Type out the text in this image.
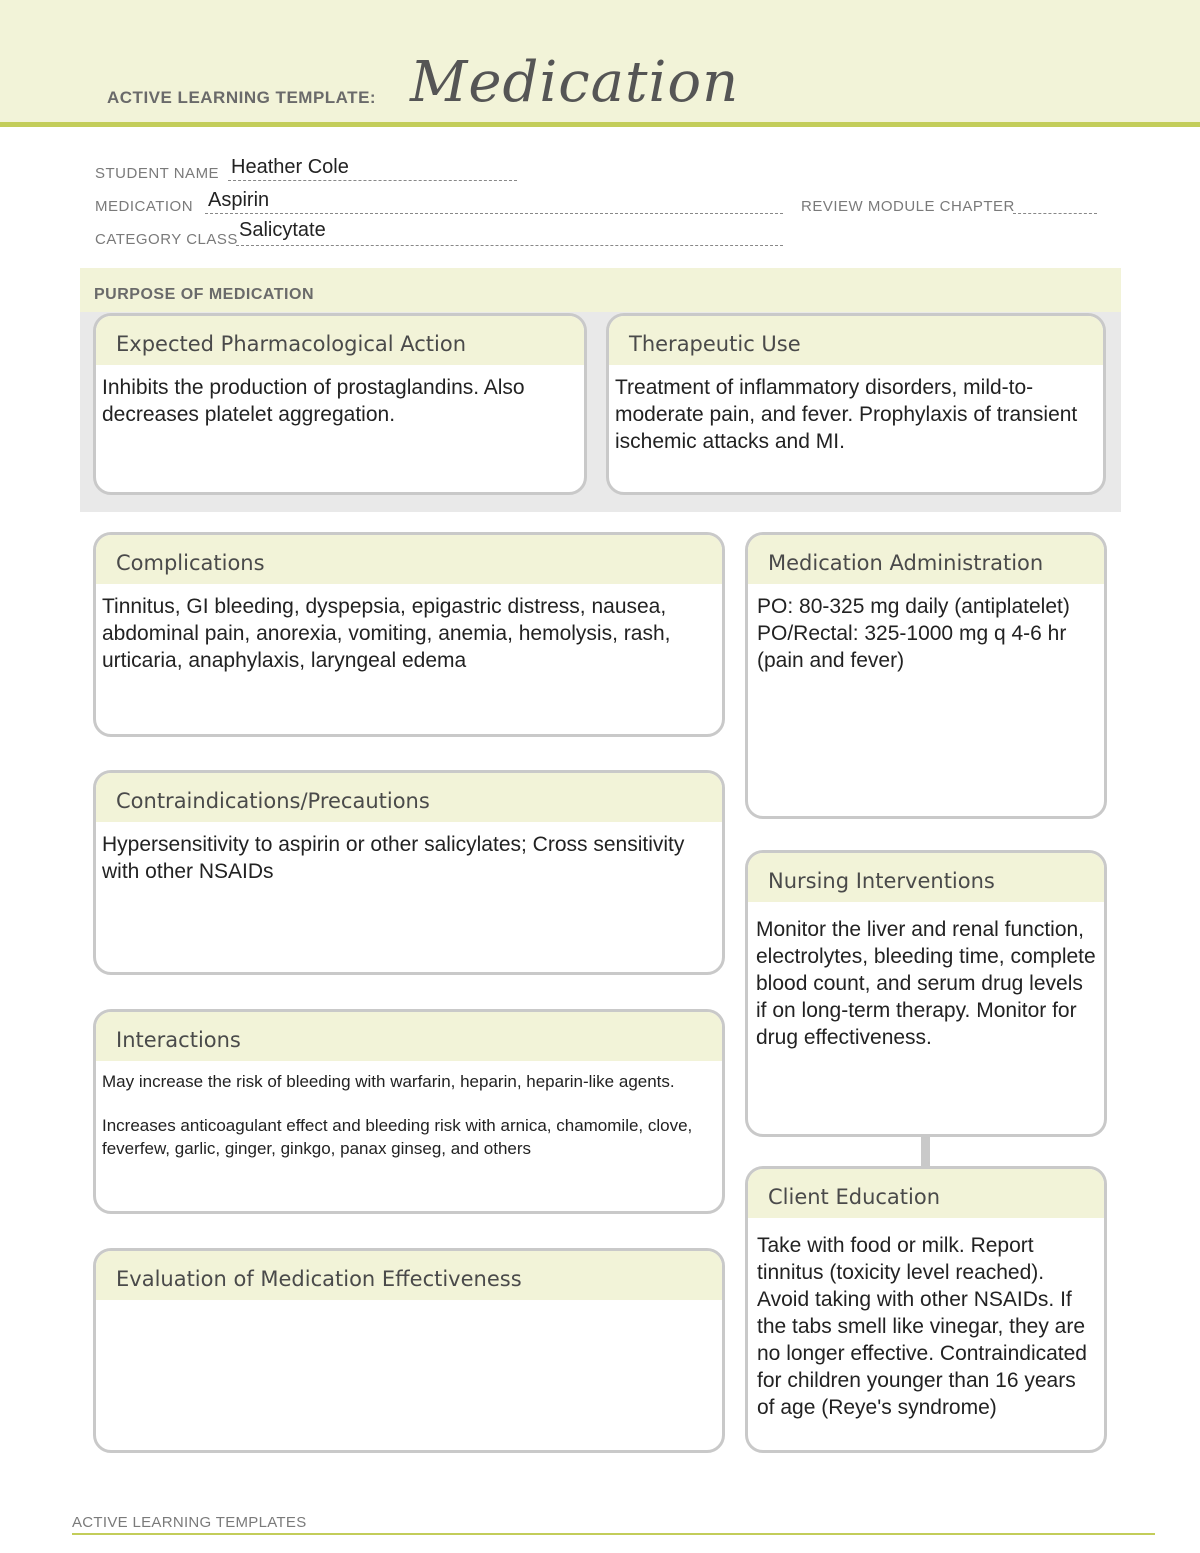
ACTIVE LEARNING TEMPLATE: Medication
STUDENT NAME Heather Cole
MEDICATION Aspirin	REVIEW MODULE CHAPTER
CATEGORY CLASS Salicytate
PURPOSE OF MEDICATION
Expected Pharmacological Action
Inhibits the production of prostaglandins. Also decreases platelet aggregation.
Therapeutic Use
Treatment of inflammatory disorders, mild-to-moderate pain, and fever. Prophylaxis of transient ischemic attacks and MI.
Complications
Tinnitus, GI bleeding, dyspepsia, epigastric distress, nausea, abdominal pain, anorexia, vomiting, anemia, hemolysis, rash, urticaria, anaphylaxis, laryngeal edema
Contraindications/Precautions
Hypersensitivity to aspirin or other salicylates; Cross sensitivity with other NSAIDs
Interactions
May increase the risk of bleeding with warfarin, heparin, heparin-like agents.
Increases anticoagulant effect and bleeding risk with arnica, chamomile, clove, feverfew, garlic, ginger, ginkgo, panax ginseg, and others
Evaluation of Medication Effectiveness
Medication Administration
PO: 80-325 mg daily (antiplatelet)
PO/Rectal: 325-1000 mg q 4-6 hr (pain and fever)
Nursing Interventions
Monitor the liver and renal function, electrolytes, bleeding time, complete blood count, and serum drug levels if on long-term therapy. Monitor for drug effectiveness.
Client Education
Take with food or milk. Report tinnitus (toxicity level reached). Avoid taking with other NSAIDs. If the tabs smell like vinegar, they are no longer effective. Contraindicated for children younger than 16 years of age (Reye's syndrome)
ACTIVE LEARNING TEMPLATES
